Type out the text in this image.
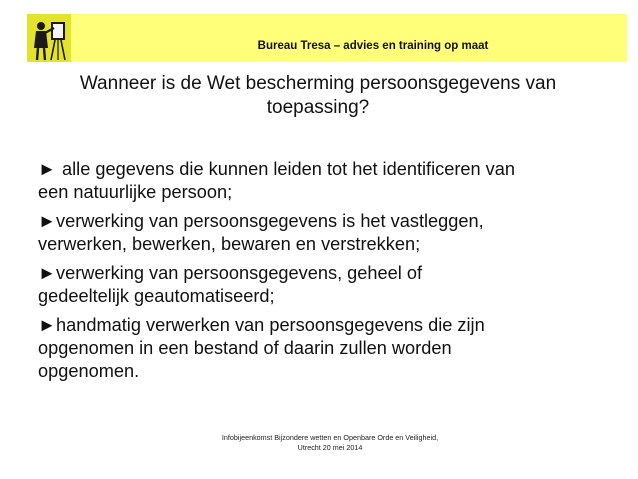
Bureau Tresa – advies en training op maat
Wanneer is de Wet bescherming persoonsgegevens van
toepassing?
► alle gegevens die kunnen leiden tot het identificeren van
een natuurlijke persoon;
►verwerking van persoonsgegevens is het vastleggen,
verwerken, bewerken, bewaren en verstrekken;
►verwerking van persoonsgegevens, geheel of
gedeeltelijk geautomatiseerd;
►handmatig verwerken van persoonsgegevens die zijn
opgenomen in een bestand of daarin zullen worden
opgenomen.
Infobijeenkomst Bijzondere wetten en Openbare Orde en Veiligheid,
Utrecht 20 mei 2014
